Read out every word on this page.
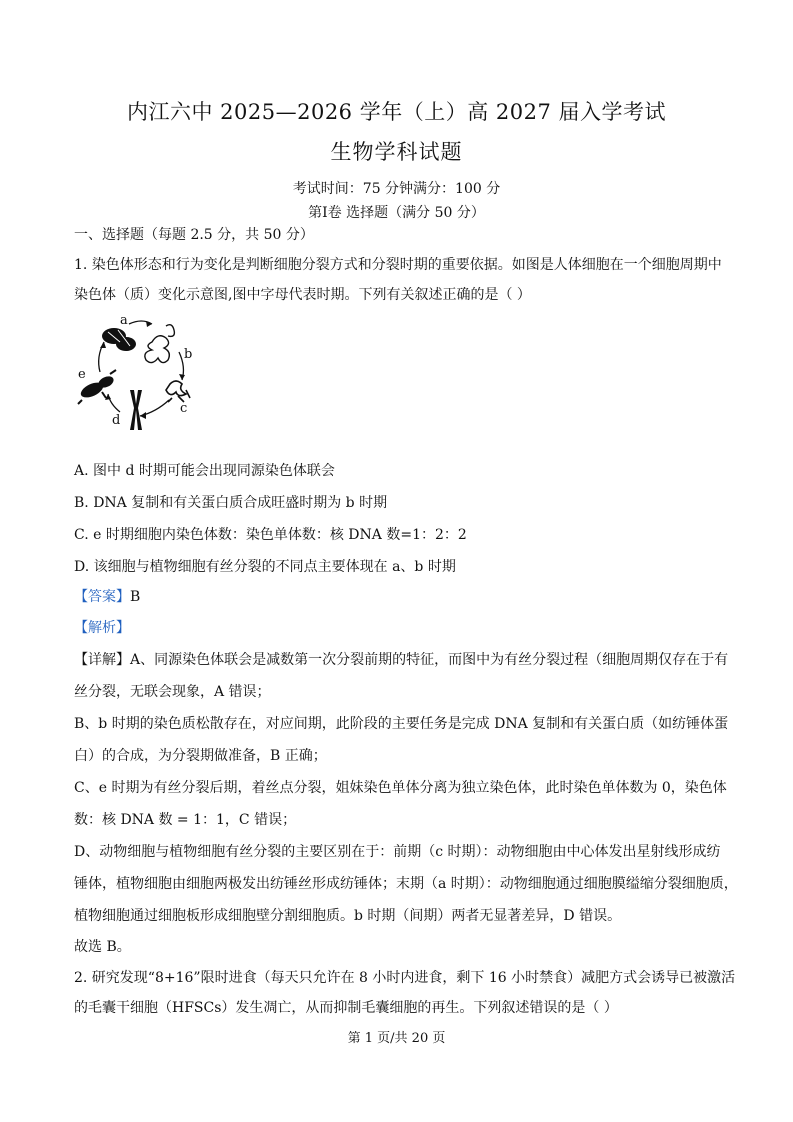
内江六中 2025—2026 学年（上）高 2027 届入学考试
生物学科试题
考试时间：75 分钟满分：100 分
第Ⅰ卷 选择题（满分 50 分）
一、选择题（每题 2.5 分，共 50 分）
1. 染色体形态和行为变化是判断细胞分裂方式和分裂时期的重要依据。如图是人体细胞在一个细胞周期中
染色体（质）变化示意图,图中字母代表时期。下列有关叙述正确的是（ ）
a
b
c
d
e
A. 图中 d 时期可能会出现同源染色体联会
B. DNA 复制和有关蛋白质合成旺盛时期为 b 时期
C. e 时期细胞内染色体数：染色单体数：核 DNA 数=1：2：2
D. 该细胞与植物细胞有丝分裂的不同点主要体现在 a、b 时期
【答案】B
【解析】
【详解】A、同源染色体联会是减数第一次分裂前期的特征，而图中为有丝分裂过程（细胞周期仅存在于有
丝分裂，无联会现象，A 错误；
B、b 时期的染色质松散存在，对应间期，此阶段的主要任务是完成 DNA 复制和有关蛋白质（如纺锤体蛋
白）的合成，为分裂期做准备，B 正确；
C、e 时期为有丝分裂后期，着丝点分裂，姐妹染色单体分离为独立染色体，此时染色单体数为 0，染色体
数：核 DNA 数 = 1：1，C 错误；
D、动物细胞与植物细胞有丝分裂的主要区别在于：前期（c 时期）：动物细胞由中心体发出星射线形成纺
锤体，植物细胞由细胞两极发出纺锤丝形成纺锤体；末期（a 时期）：动物细胞通过细胞膜缢缩分裂细胞质，
植物细胞通过细胞板形成细胞壁分割细胞质。b 时期（间期）两者无显著差异，D 错误。
故选 B。
2. 研究发现“8+16”限时进食（每天只允许在 8 小时内进食，剩下 16 小时禁食）减肥方式会诱导已被激活
的毛囊干细胞（HFSCs）发生凋亡，从而抑制毛囊细胞的再生。下列叙述错误的是（ ）
第 1 页/共 20 页
